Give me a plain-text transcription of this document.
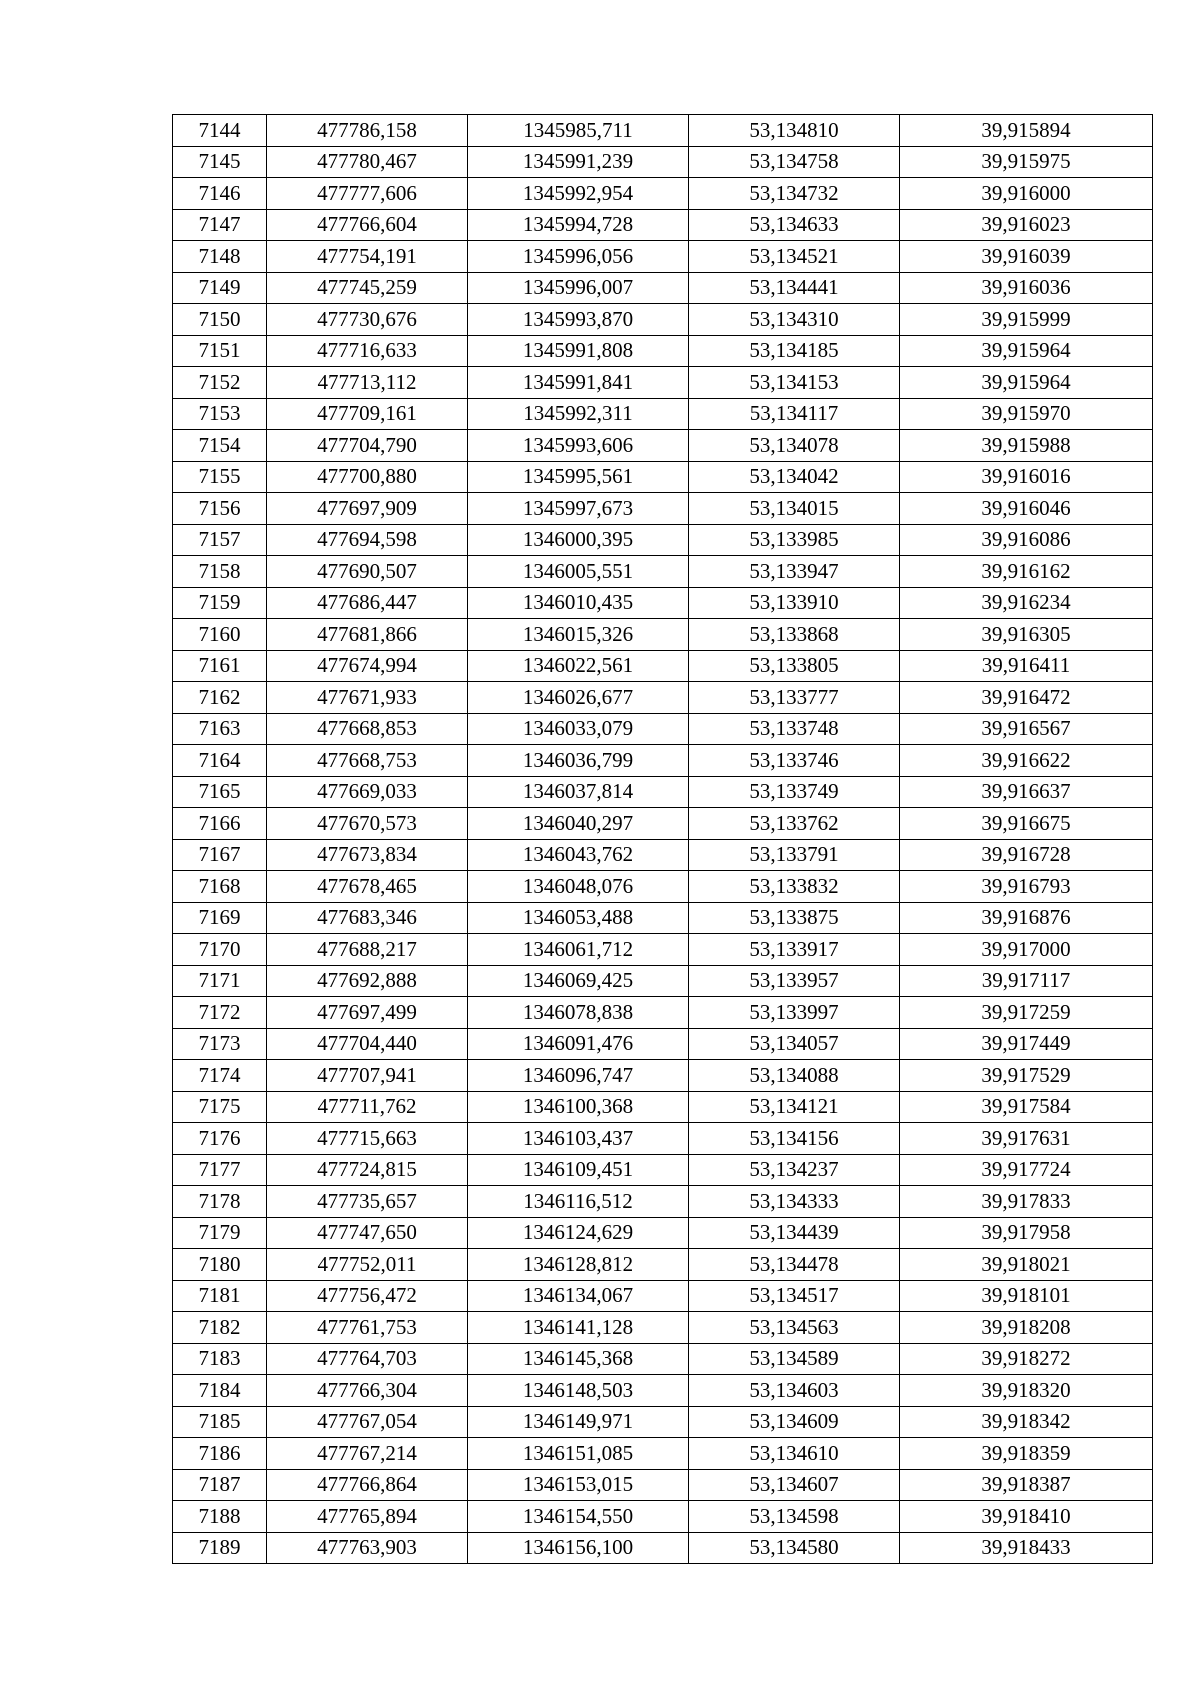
7144	477786,158	1345985,711	53,134810	39,915894
7145	477780,467	1345991,239	53,134758	39,915975
7146	477777,606	1345992,954	53,134732	39,916000
7147	477766,604	1345994,728	53,134633	39,916023
7148	477754,191	1345996,056	53,134521	39,916039
7149	477745,259	1345996,007	53,134441	39,916036
7150	477730,676	1345993,870	53,134310	39,915999
7151	477716,633	1345991,808	53,134185	39,915964
7152	477713,112	1345991,841	53,134153	39,915964
7153	477709,161	1345992,311	53,134117	39,915970
7154	477704,790	1345993,606	53,134078	39,915988
7155	477700,880	1345995,561	53,134042	39,916016
7156	477697,909	1345997,673	53,134015	39,916046
7157	477694,598	1346000,395	53,133985	39,916086
7158	477690,507	1346005,551	53,133947	39,916162
7159	477686,447	1346010,435	53,133910	39,916234
7160	477681,866	1346015,326	53,133868	39,916305
7161	477674,994	1346022,561	53,133805	39,916411
7162	477671,933	1346026,677	53,133777	39,916472
7163	477668,853	1346033,079	53,133748	39,916567
7164	477668,753	1346036,799	53,133746	39,916622
7165	477669,033	1346037,814	53,133749	39,916637
7166	477670,573	1346040,297	53,133762	39,916675
7167	477673,834	1346043,762	53,133791	39,916728
7168	477678,465	1346048,076	53,133832	39,916793
7169	477683,346	1346053,488	53,133875	39,916876
7170	477688,217	1346061,712	53,133917	39,917000
7171	477692,888	1346069,425	53,133957	39,917117
7172	477697,499	1346078,838	53,133997	39,917259
7173	477704,440	1346091,476	53,134057	39,917449
7174	477707,941	1346096,747	53,134088	39,917529
7175	477711,762	1346100,368	53,134121	39,917584
7176	477715,663	1346103,437	53,134156	39,917631
7177	477724,815	1346109,451	53,134237	39,917724
7178	477735,657	1346116,512	53,134333	39,917833
7179	477747,650	1346124,629	53,134439	39,917958
7180	477752,011	1346128,812	53,134478	39,918021
7181	477756,472	1346134,067	53,134517	39,918101
7182	477761,753	1346141,128	53,134563	39,918208
7183	477764,703	1346145,368	53,134589	39,918272
7184	477766,304	1346148,503	53,134603	39,918320
7185	477767,054	1346149,971	53,134609	39,918342
7186	477767,214	1346151,085	53,134610	39,918359
7187	477766,864	1346153,015	53,134607	39,918387
7188	477765,894	1346154,550	53,134598	39,918410
7189	477763,903	1346156,100	53,134580	39,918433
